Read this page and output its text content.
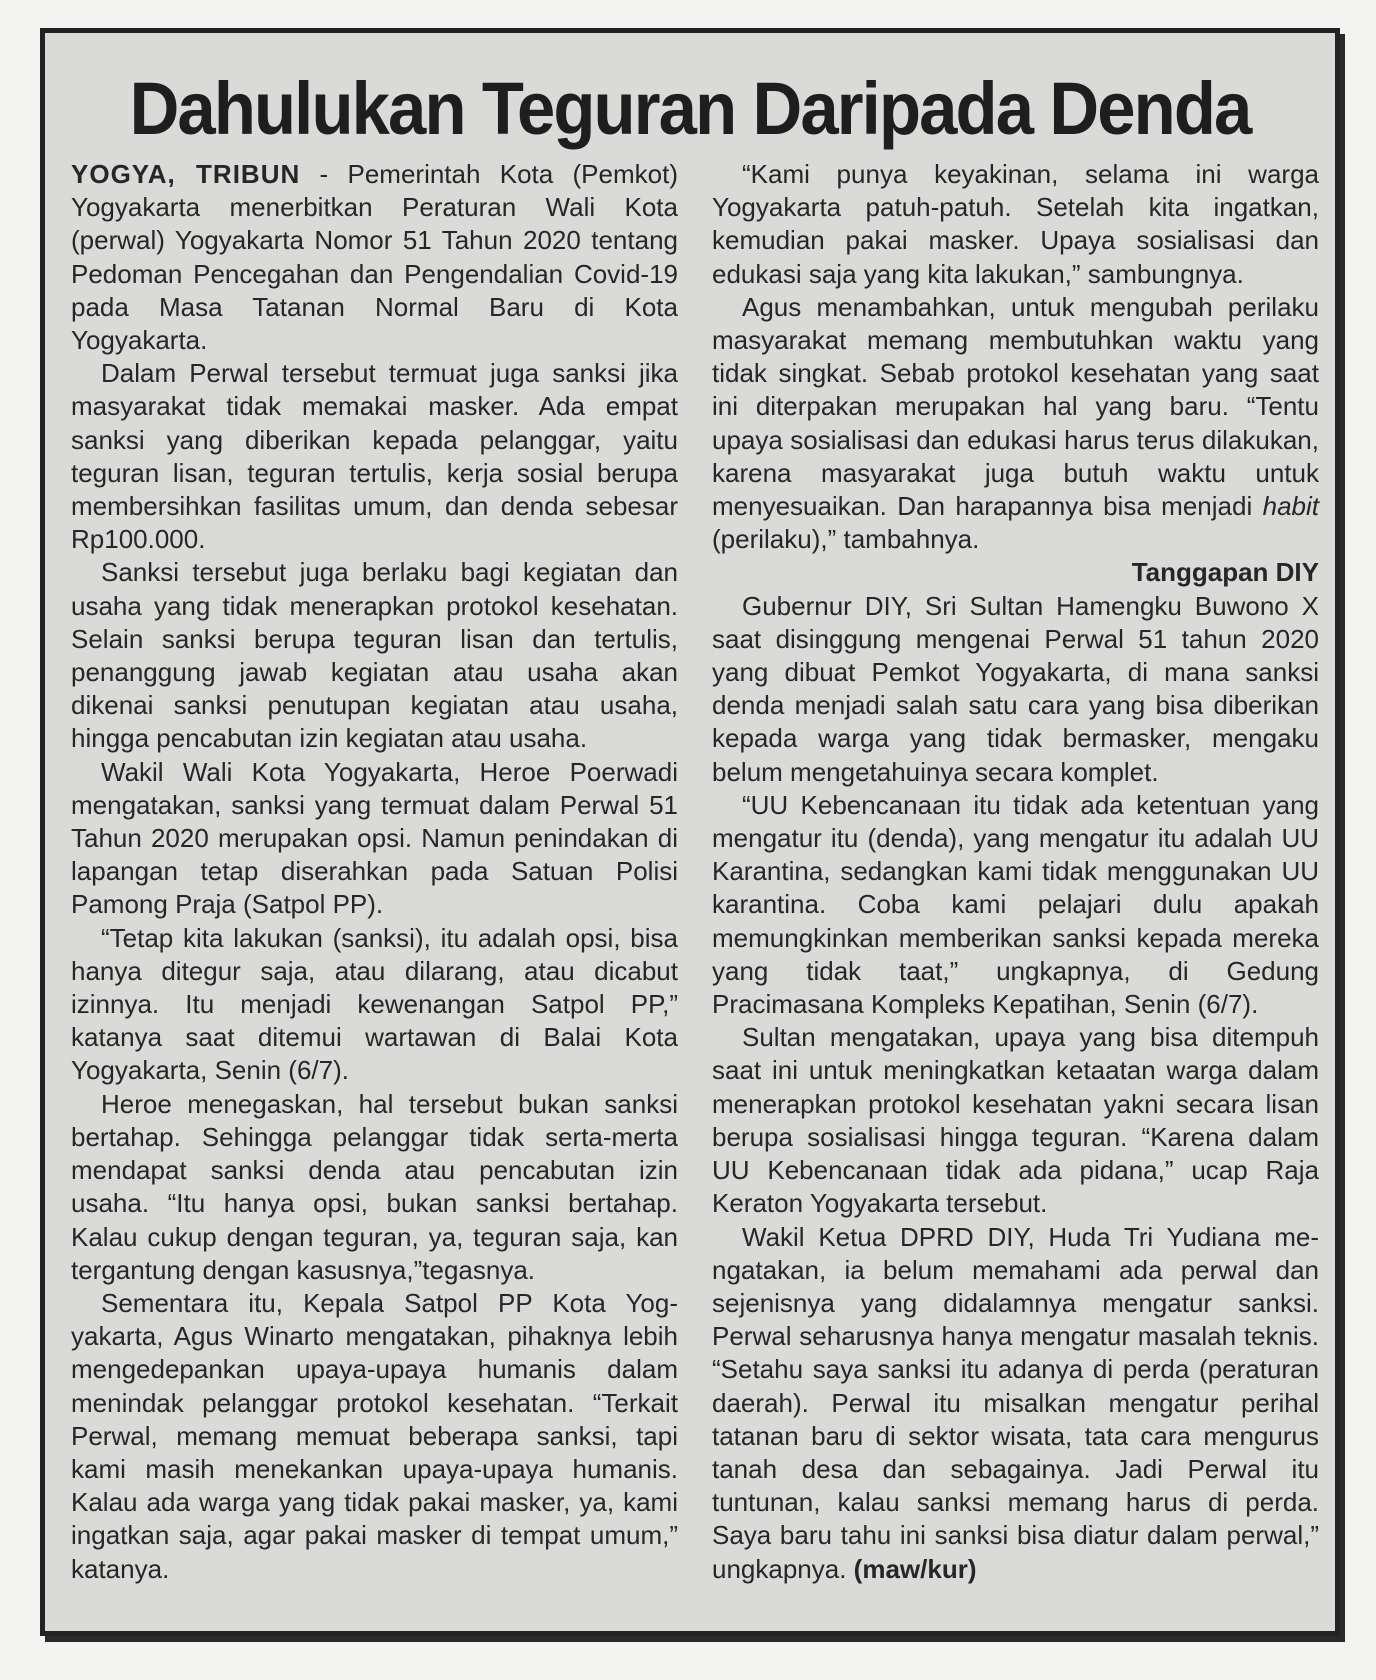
Dahulukan Teguran Daripada Denda

YOGYA, TRIBUN - Pemerintah Kota (Pemkot) Yogyakarta menerbitkan Peraturan Wali Kota (perwal) Yogyakarta Nomor 51 Tahun 2020 tentang Pedoman Pencegahan dan Pengendalian Covid-19 pada Masa Tatanan Normal Baru di Kota Yogyakarta.

Dalam Perwal tersebut termuat juga sanksi jika masyarakat tidak memakai masker. Ada empat sanksi yang diberikan kepada pelanggar, yaitu teguran lisan, teguran tertulis, kerja sosial berupa membersihkan fasilitas umum, dan denda sebesar Rp100.000.

Sanksi tersebut juga berlaku bagi kegiatan dan usaha yang tidak menerapkan protokol kesehatan. Selain sanksi berupa teguran lisan dan tertulis, penanggung jawab kegiatan atau usaha akan dikenai sanksi penutupan kegiatan atau usaha, hingga pencabutan izin kegiatan atau usaha.

Wakil Wali Kota Yogyakarta, Heroe Poerwadi mengatakan, sanksi yang termuat dalam Perwal 51 Tahun 2020 merupakan opsi. Namun penindakan di lapangan tetap diserahkan pada Satuan Polisi Pamong Praja (Satpol PP).

“Tetap kita lakukan (sanksi), itu adalah opsi, bisa hanya ditegur saja, atau dilarang, atau dicabut izinnya. Itu menjadi kewenangan Satpol PP,” katanya saat ditemui wartawan di Balai Kota Yogyakarta, Senin (6/7).

Heroe menegaskan, hal tersebut bukan sanksi bertahap. Sehingga pelanggar tidak serta-merta mendapat sanksi denda atau pencabutan izin usaha. “Itu hanya opsi, bukan sanksi bertahap. Kalau cukup dengan teguran, ya, teguran saja, kan tergantung dengan kasusnya,”tegasnya.

Sementara itu, Kepala Satpol PP Kota Yogyakarta, Agus Winarto mengatakan, pihaknya lebih mengedepankan upaya-upaya humanis dalam menindak pelanggar protokol kesehatan. “Terkait Perwal, memang memuat beberapa sanksi, tapi kami masih menekankan upaya-upaya humanis. Kalau ada warga yang tidak pakai masker, ya, kami ingatkan saja, agar pakai masker di tempat umum,” katanya.

“Kami punya keyakinan, selama ini warga Yogyakarta patuh-patuh. Setelah kita ingatkan, kemudian pakai masker. Upaya sosialisasi dan edukasi saja yang kita lakukan,” sambungnya.

Agus menambahkan, untuk mengubah perilaku masyarakat memang membutuhkan waktu yang tidak singkat. Sebab protokol kesehatan yang saat ini diterpakan merupakan hal yang baru. “Tentu upaya sosialisasi dan edukasi harus terus dilakukan, karena masyarakat juga butuh waktu untuk menyesuaikan. Dan harapannya bisa menjadi habit (perilaku),” tambahnya.

Tanggapan DIY

Gubernur DIY, Sri Sultan Hamengku Buwono X saat disinggung mengenai Perwal 51 tahun 2020 yang dibuat Pemkot Yogyakarta, di mana sanksi denda menjadi salah satu cara yang bisa diberikan kepada warga yang tidak bermasker, mengaku belum mengetahuinya secara komplet.

“UU Kebencanaan itu tidak ada ketentuan yang mengatur itu (denda), yang mengatur itu adalah UU Karantina, sedangkan kami tidak menggunakan UU karantina. Coba kami pelajari dulu apakah memungkinkan memberikan sanksi kepada mereka yang tidak taat,” ungkapnya, di Gedung Pracimasana Kompleks Kepatihan, Senin (6/7).

Sultan mengatakan, upaya yang bisa ditempuh saat ini untuk meningkatkan ketaatan warga dalam menerapkan protokol kesehatan yakni secara lisan berupa sosialisasi hingga teguran. “Karena dalam UU Kebencanaan tidak ada pidana,” ucap Raja Keraton Yogyakarta tersebut.

Wakil Ketua DPRD DIY, Huda Tri Yudiana mengatakan, ia belum memahami ada perwal dan sejenisnya yang didalamnya mengatur sanksi. Perwal seharusnya hanya mengatur masalah teknis. “Setahu saya sanksi itu adanya di perda (peraturan daerah). Perwal itu misalkan mengatur perihal tatanan baru di sektor wisata, tata cara mengurus tanah desa dan sebagainya. Jadi Perwal itu tuntunan, kalau sanksi memang harus di perda. Saya baru tahu ini sanksi bisa diatur dalam perwal,” ungkapnya. (maw/kur)
